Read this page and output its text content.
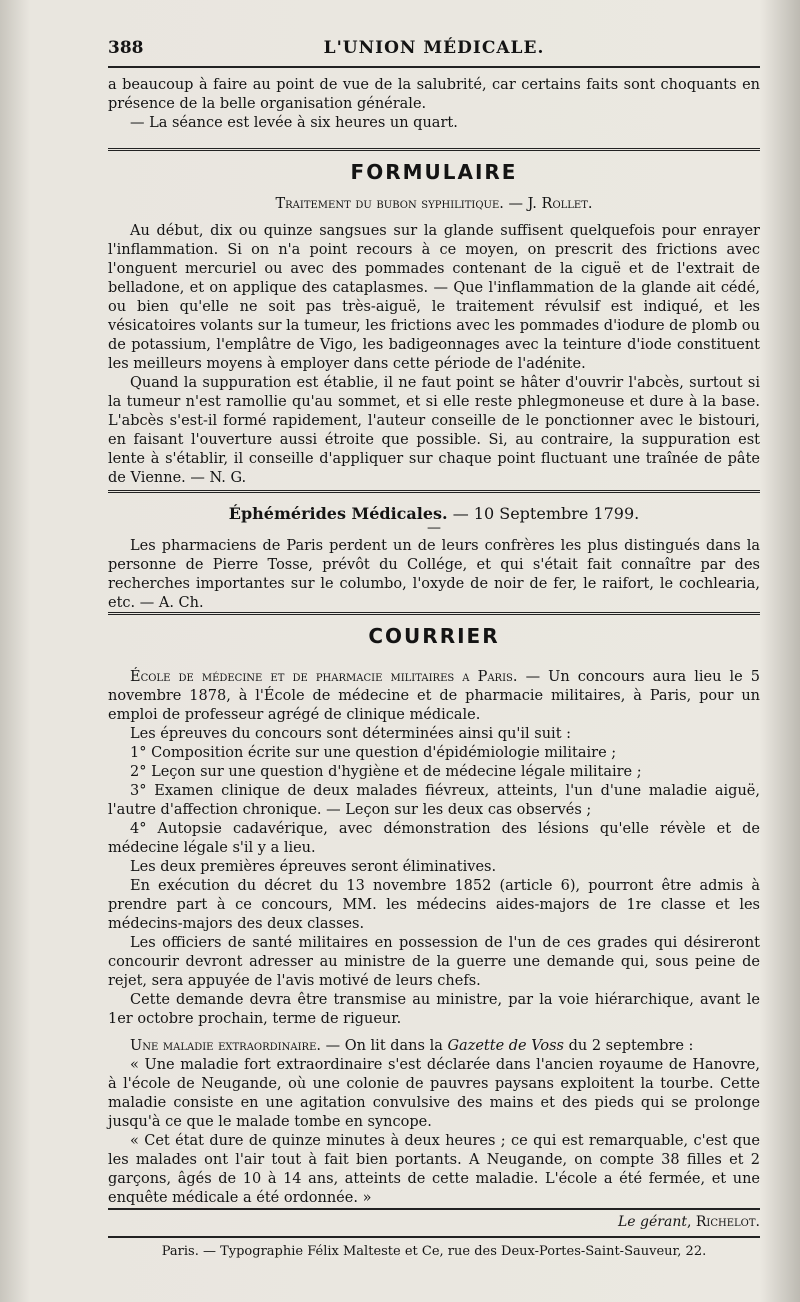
388	L'UNION MÉDICALE.

a beaucoup à faire au point de vue de la salubrité, car certains faits sont choquants en présence de la belle organisation générale.

— La séance est levée à six heures un quart.

FORMULAIRE
Traitement du bubon syphilitique. — J. Rollet.

Au début, dix ou quinze sangsues sur la glande suffisent quelquefois pour enrayer l'inflammation. Si on n'a point recours à ce moyen, on prescrit des frictions avec l'onguent mercuriel ou avec des pommades contenant de la ciguë et de l'extrait de belladone, et on applique des cataplasmes. — Que l'inflammation de la glande ait cédé, ou bien qu'elle ne soit pas très-aiguë, le traitement révulsif est indiqué, et les vésicatoires volants sur la tumeur, les frictions avec les pommades d'iodure de plomb ou de potassium, l'emplâtre de Vigo, les badigeonnages avec la teinture d'iode constituent les meilleurs moyens à employer dans cette période de l'adénite.

Quand la suppuration est établie, il ne faut point se hâter d'ouvrir l'abcès, surtout si la tumeur n'est ramollie qu'au sommet, et si elle reste phlegmoneuse et dure à la base. L'abcès s'est-il formé rapidement, l'auteur conseille de le ponctionner avec le bistouri, en faisant l'ouverture aussi étroite que possible. Si, au contraire, la suppuration est lente à s'établir, il conseille d'appliquer sur chaque point fluctuant une traînée de pâte de Vienne. — N. G.

Éphémérides Médicales. — 10 Septembre 1799.
—

Les pharmaciens de Paris perdent un de leurs confrères les plus distingués dans la personne de Pierre Tosse, prévôt du Collége, et qui s'était fait connaître par des recherches importantes sur le columbo, l'oxyde de noir de fer, le raifort, le cochlearia, etc. — A. Ch.

COURRIER

École de médecine et de pharmacie militaires a Paris. — Un concours aura lieu le 5 novembre 1878, à l'École de médecine et de pharmacie militaires, à Paris, pour un emploi de professeur agrégé de clinique médicale.

Les épreuves du concours sont déterminées ainsi qu'il suit :

1° Composition écrite sur une question d'épidémiologie militaire ;

2° Leçon sur une question d'hygiène et de médecine légale militaire ;

3° Examen clinique de deux malades fiévreux, atteints, l'un d'une maladie aiguë, l'autre d'affection chronique. — Leçon sur les deux cas observés ;

4° Autopsie cadavérique, avec démonstration des lésions qu'elle révèle et de médecine légale s'il y a lieu.

Les deux premières épreuves seront éliminatives.

En exécution du décret du 13 novembre 1852 (article 6), pourront être admis à prendre part à ce concours, MM. les médecins aides-majors de 1re classe et les médecins-majors des deux classes.

Les officiers de santé militaires en possession de l'un de ces grades qui désireront concourir devront adresser au ministre de la guerre une demande qui, sous peine de rejet, sera appuyée de l'avis motivé de leurs chefs.

Cette demande devra être transmise au ministre, par la voie hiérarchique, avant le 1er octobre prochain, terme de rigueur.

Une maladie extraordinaire. — On lit dans la Gazette de Voss du 2 septembre :

« Une maladie fort extraordinaire s'est déclarée dans l'ancien royaume de Hanovre, à l'école de Neugande, où une colonie de pauvres paysans exploitent la tourbe. Cette maladie consiste en une agitation convulsive des mains et des pieds qui se prolonge jusqu'à ce que le malade tombe en syncope.

« Cet état dure de quinze minutes à deux heures ; ce qui est remarquable, c'est que les malades ont l'air tout à fait bien portants. A Neugande, on compte 38 filles et 2 garçons, âgés de 10 à 14 ans, atteints de cette maladie. L'école a été fermée, et une enquête médicale a été ordonnée. »

Le gérant, Richelot.
Paris. — Typographie Félix Malteste et Ce, rue des Deux-Portes-Saint-Sauveur, 22.
